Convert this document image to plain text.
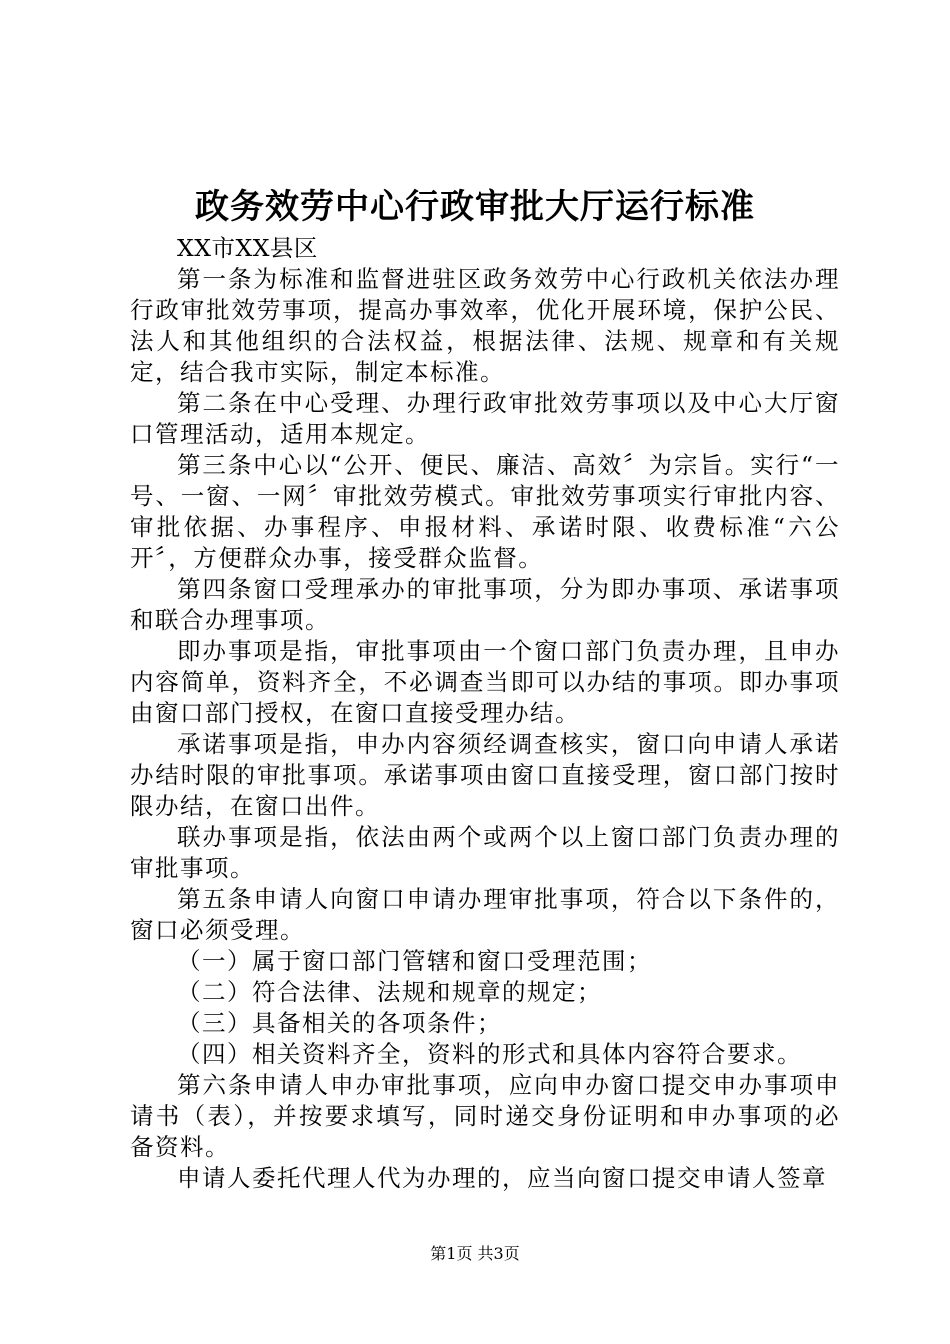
政务效劳中心行政审批大厅运行标准

XX市XX县区

第一条为标准和监督进驻区政务效劳中心行政机关依法办理行政审批效劳事项，提高办事效率，优化开展环境，保护公民、法人和其他组织的合法权益，根据法律、法规、规章和有关规定，结合我市实际，制定本标准。

第二条在中心受理、办理行政审批效劳事项以及中心大厅窗口管理活动，适用本规定。

第三条中心以“公开、便民、廉洁、高效〞为宗旨。实行“一号、一窗、一网〞审批效劳模式。审批效劳事项实行审批内容、审批依据、办事程序、申报材料、承诺时限、收费标准“六公开〞，方便群众办事，接受群众监督。

第四条窗口受理承办的审批事项，分为即办事项、承诺事项和联合办理事项。

即办事项是指，审批事项由一个窗口部门负责办理，且申办内容简单，资料齐全，不必调查当即可以办结的事项。即办事项由窗口部门授权，在窗口直接受理办结。

承诺事项是指，申办内容须经调查核实，窗口向申请人承诺办结时限的审批事项。承诺事项由窗口直接受理，窗口部门按时限办结，在窗口出件。

联办事项是指，依法由两个或两个以上窗口部门负责办理的审批事项。

第五条申请人向窗口申请办理审批事项，符合以下条件的，窗口必须受理。

（一）属于窗口部门管辖和窗口受理范围；

（二）符合法律、法规和规章的规定；

（三）具备相关的各项条件；

（四）相关资料齐全，资料的形式和具体内容符合要求。

第六条申请人申办审批事项，应向申办窗口提交申办事项申请书（表），并按要求填写，同时递交身份证明和申办事项的必备资料。

申请人委托代理人代为办理的，应当向窗口提交申请人签章

第1页 共3页
